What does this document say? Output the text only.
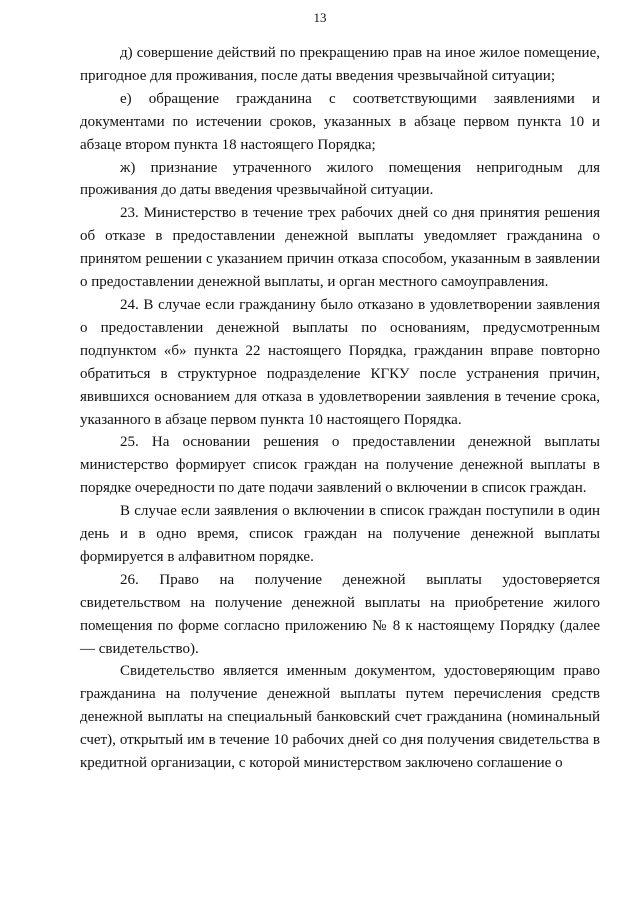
13

д) совершение действий по прекращению прав на иное жилое помещение, пригодное для проживания, после даты введения чрезвычайной ситуации;

е) обращение гражданина с соответствующими заявлениями и документами по истечении сроков, указанных в абзаце первом пункта 10 и абзаце втором пункта 18 настоящего Порядка;

ж) признание утраченного жилого помещения непригодным для проживания до даты введения чрезвычайной ситуации.

23. Министерство в течение трех рабочих дней со дня принятия решения об отказе в предоставлении денежной выплаты уведомляет гражданина о принятом решении с указанием причин отказа способом, указанным в заявлении о предоставлении денежной выплаты, и орган местного самоуправления.

24. В случае если гражданину было отказано в удовлетворении заявления о предоставлении денежной выплаты по основаниям, предусмотренным подпунктом «б» пункта 22 настоящего Порядка, гражданин вправе повторно обратиться в структурное подразделение КГКУ после устранения причин, явившихся основанием для отказа в удовлетворении заявления в течение срока, указанного в абзаце первом пункта 10 настоящего Порядка.

25. На основании решения о предоставлении денежной выплаты министерство формирует список граждан на получение денежной выплаты в порядке очередности по дате подачи заявлений о включении в список граждан.

В случае если заявления о включении в список граждан поступили в один день и в одно время, список граждан на получение денежной выплаты формируется в алфавитном порядке.

26. Право на получение денежной выплаты удостоверяется свидетельством на получение денежной выплаты на приобретение жилого помещения по форме согласно приложению № 8 к настоящему Порядку (далее — свидетельство).

Свидетельство является именным документом, удостоверяющим право гражданина на получение денежной выплаты путем перечисления средств денежной выплаты на специальный банковский счет гражданина (номинальный счет), открытый им в течение 10 рабочих дней со дня получения свидетельства в кредитной организации, с которой министерством заключено соглашение о
